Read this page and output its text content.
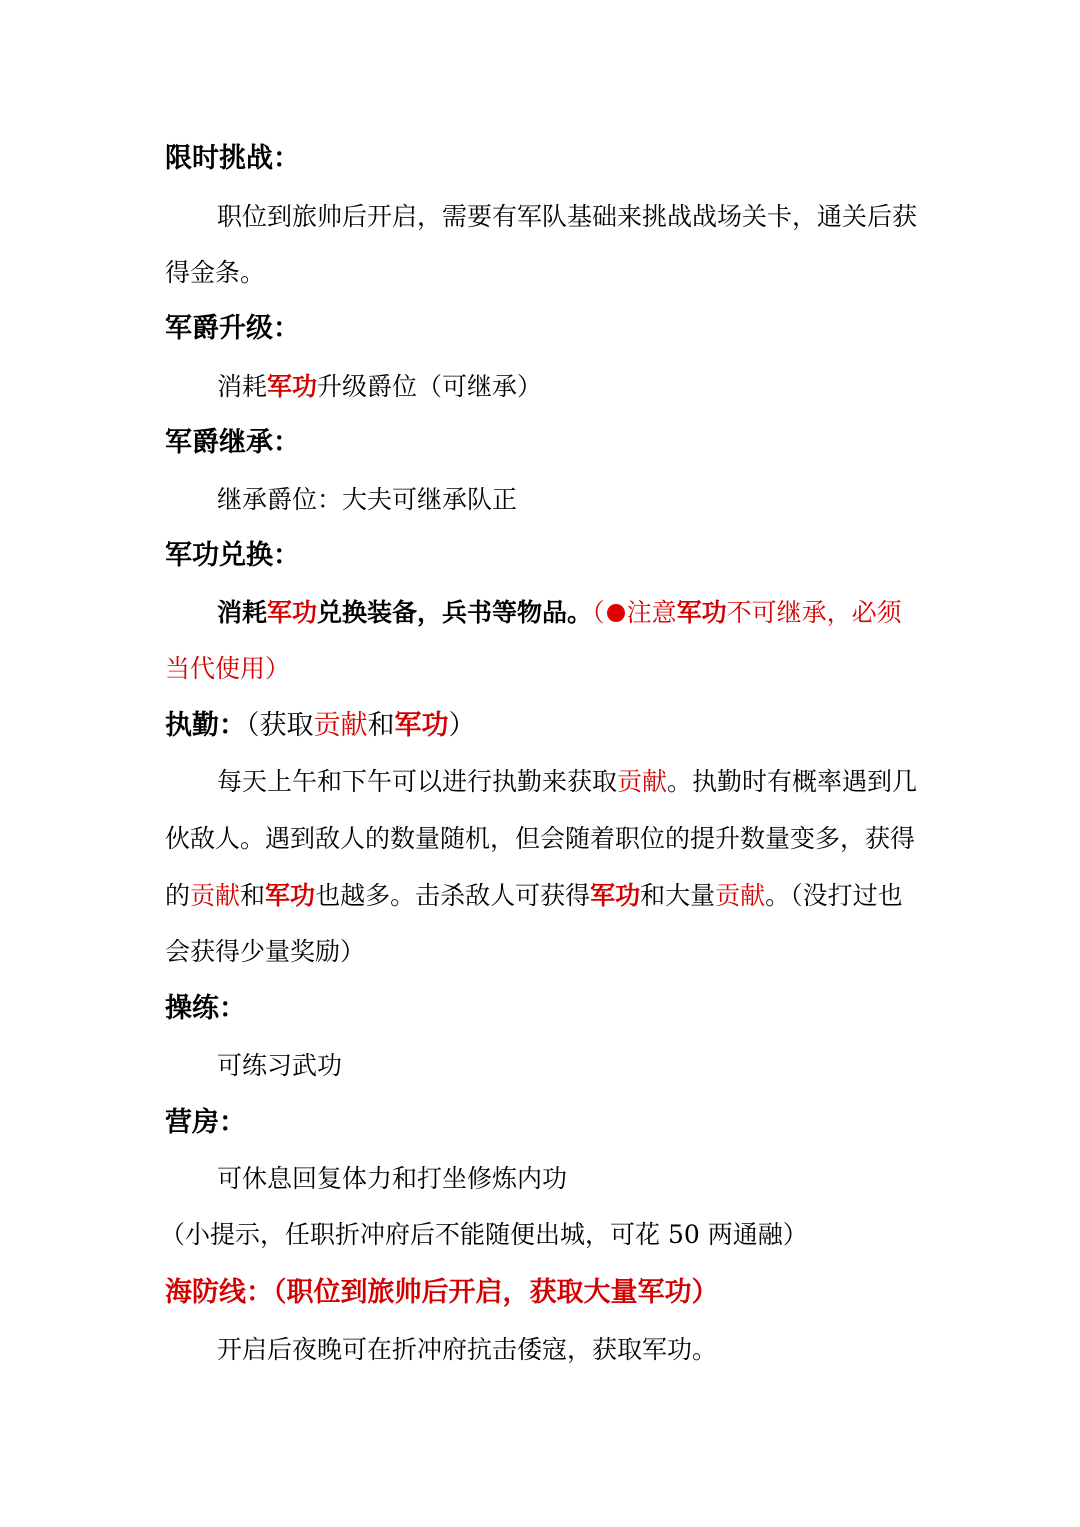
限时挑战：
职位到旅帅后开启，需要有军队基础来挑战战场关卡，通关后获
得金条。
军爵升级：
消耗军功升级爵位（可继承）
军爵继承：
继承爵位：大夫可继承队正
军功兑换：
消耗军功兑换装备，兵书等物品。（ 注意军功不可继承，必须
当代使用）
执勤：（获取贡献和军功）
每天上午和下午可以进行执勤来获取贡献。执勤时有概率遇到几
伙敌人。遇到敌人的数量随机，但会随着职位的提升数量变多，获得
的贡献和军功也越多。击杀敌人可获得军功和大量贡献。（没打过也
会获得少量奖励）
操练：
可练习武功
营房：
可休息回复体力和打坐修炼内功
（小提示，任职折冲府后不能随便出城，可花 50 两通融）
海防线：（职位到旅帅后开启，获取大量军功）
开启后夜晚可在折冲府抗击倭寇，获取军功。
